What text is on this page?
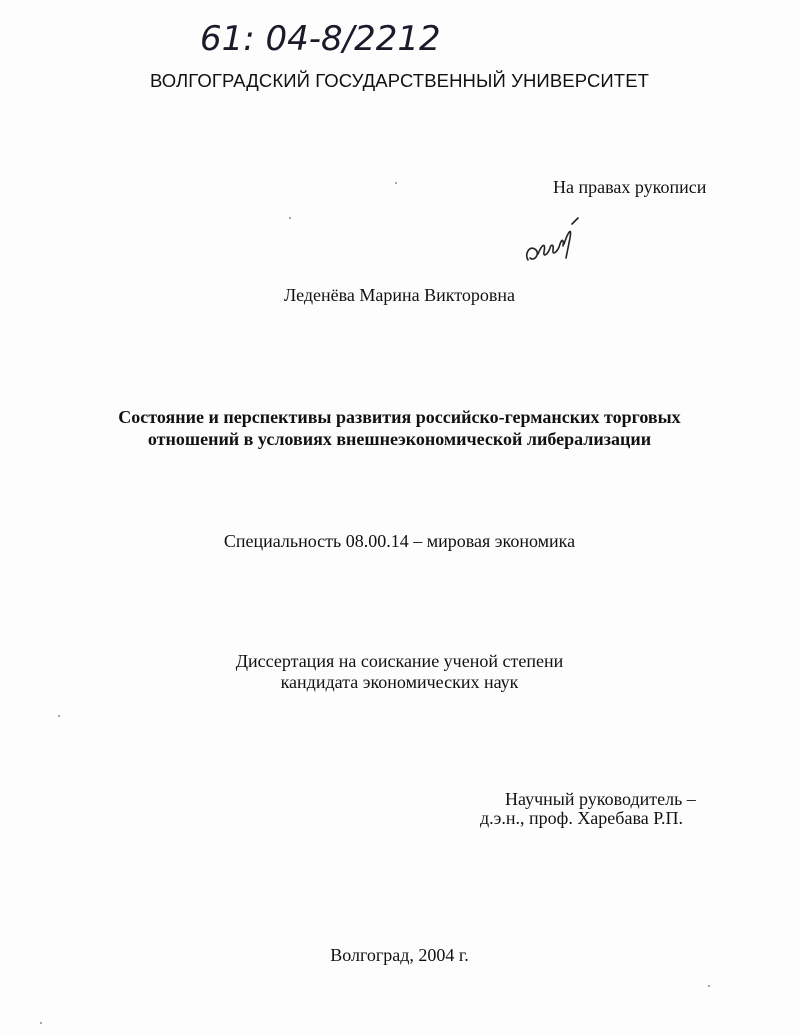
61: 04-8/2212
ВОЛГОГРАДСКИЙ ГОСУДАРСТВЕННЫЙ УНИВЕРСИТЕТ
На правах рукописи
Леденёва Марина Викторовна
Состояние и перспективы развития российско-германских торговых
отношений в условиях внешнеэкономической либерализации
Специальность 08.00.14 – мировая экономика
Диссертация на соискание ученой степени
кандидата экономических наук
Научный руководитель –
д.э.н., проф. Харебава Р.П.
Волгоград, 2004 г.
